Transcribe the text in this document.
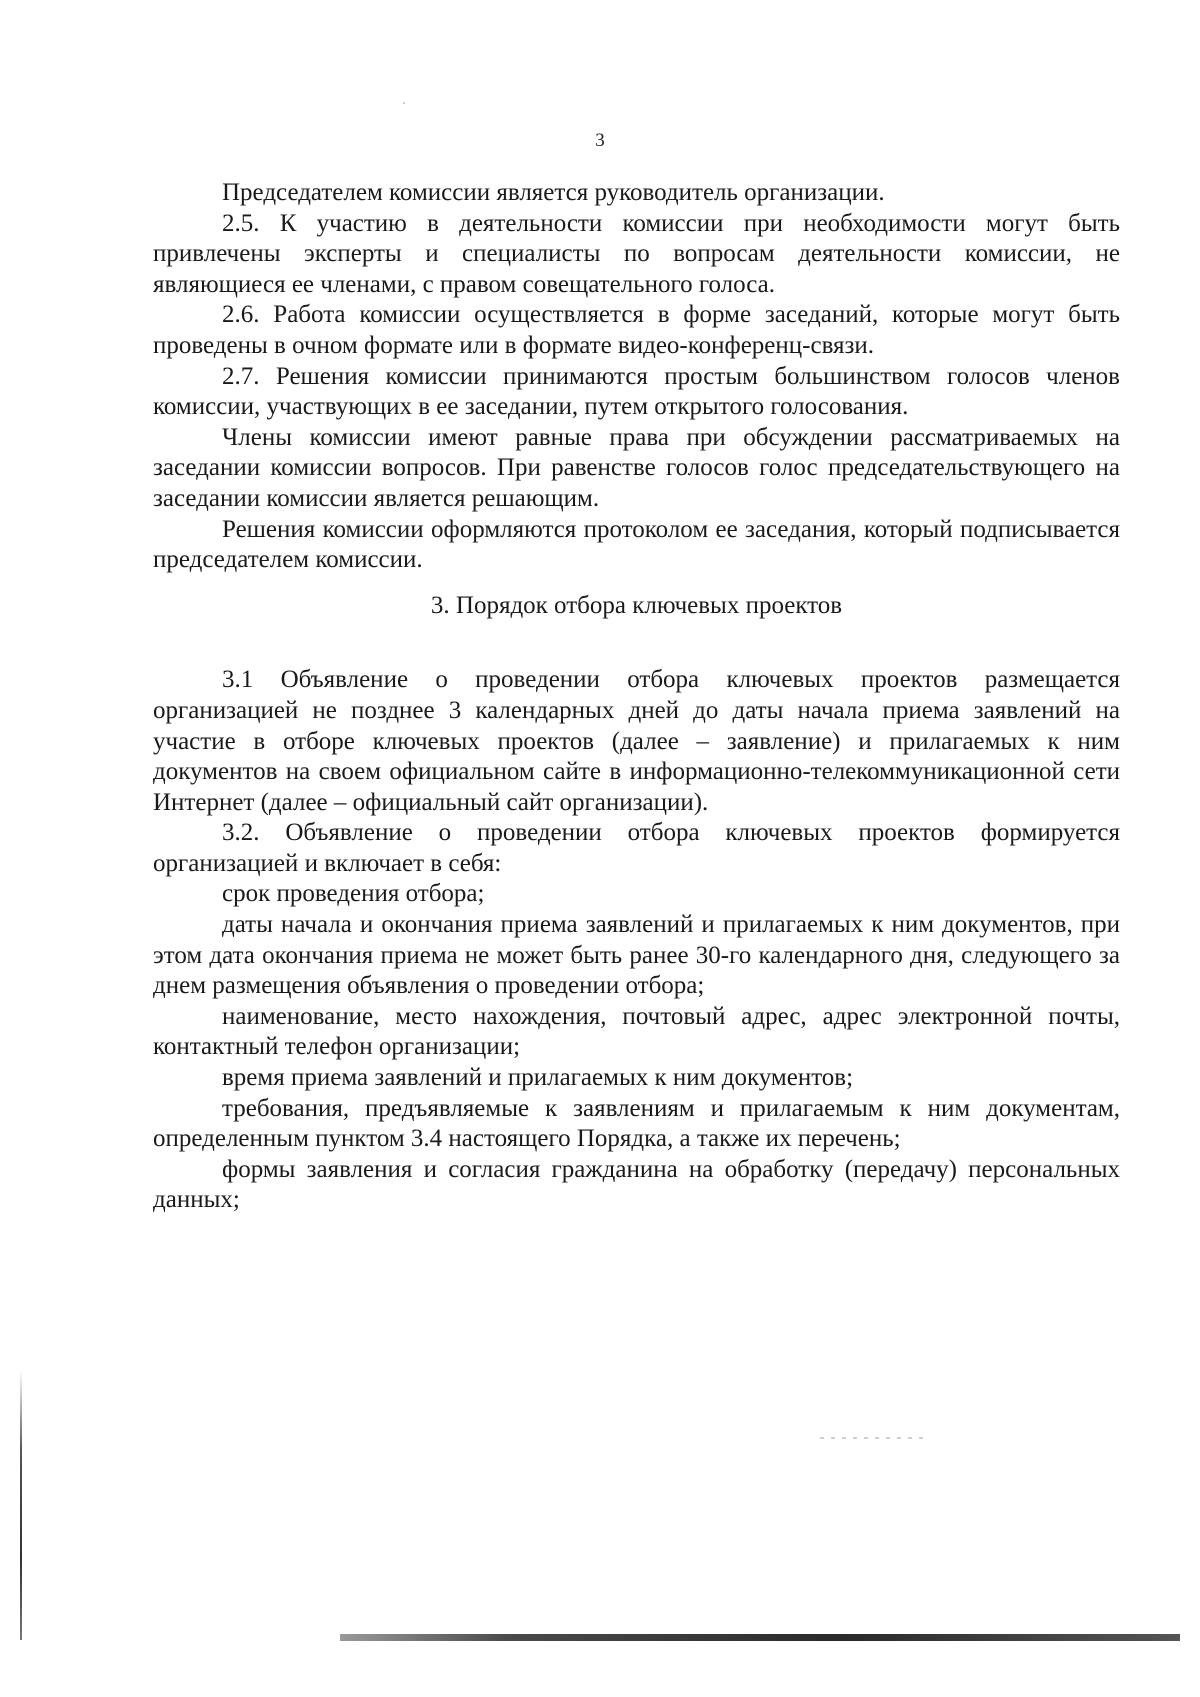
3

Председателем комиссии является руководитель организации.

2.5. К участию в деятельности комиссии при необходимости могут быть привлечены эксперты и специалисты по вопросам деятельности комиссии, не являющиеся ее членами, с правом совещательного голоса.

2.6. Работа комиссии осуществляется в форме заседаний, которые могут быть проведены в очном формате или в формате видео-конференц-связи.

2.7. Решения комиссии принимаются простым большинством голосов членов комиссии, участвующих в ее заседании, путем открытого голосования.

Члены комиссии имеют равные права при обсуждении рассматриваемых на заседании комиссии вопросов. При равенстве голосов голос председательствующего на заседании комиссии является решающим.

Решения комиссии оформляются протоколом ее заседания, который подписывается председателем комиссии.

3. Порядок отбора ключевых проектов

3.1 Объявление о проведении отбора ключевых проектов размещается организацией не позднее 3 календарных дней до даты начала приема заявлений на участие в отборе ключевых проектов (далее – заявление) и прилагаемых к ним документов на своем официальном сайте в информационно-телекоммуникационной сети Интернет (далее – официальный сайт организации).

3.2. Объявление о проведении отбора ключевых проектов формируется организацией и включает в себя:

срок проведения отбора;

даты начала и окончания приема заявлений и прилагаемых к ним документов, при этом дата окончания приема не может быть ранее 30-го календарного дня, следующего за днем размещения объявления о проведении отбора;

наименование, место нахождения, почтовый адрес, адрес электронной почты, контактный телефон организации;

время приема заявлений и прилагаемых к ним документов;

требования, предъявляемые к заявлениям и прилагаемым к ним документам, определенным пунктом 3.4 настоящего Порядка, а также их перечень;

формы заявления и согласия гражданина на обработку (передачу) персональных данных;
